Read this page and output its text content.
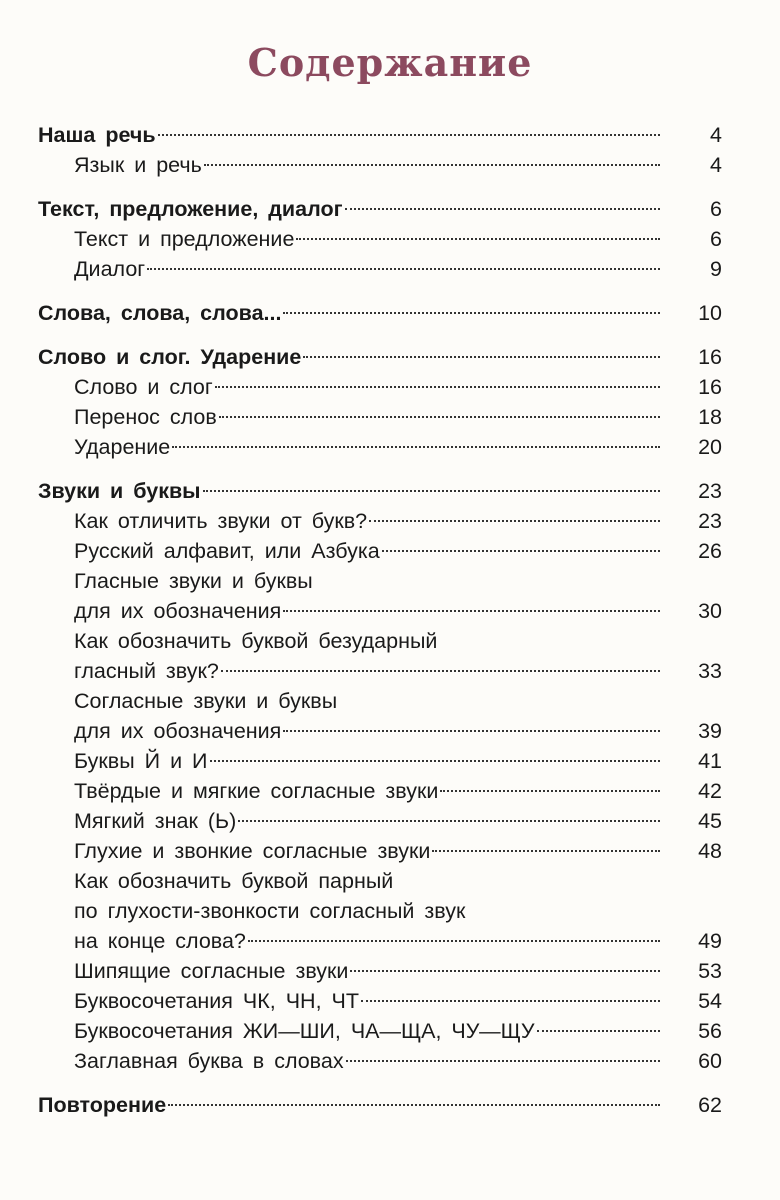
Содержание
Наша речь	4
Язык и речь	4
Текст, предложение, диалог	6
Текст и предложение	6
Диалог	9
Слова, слова, слова...	10
Слово и слог. Ударение	16
Слово и слог	16
Перенос слов	18
Ударение	20
Звуки и буквы	23
Как отличить звуки от букв?	23
Русский алфавит, или Азбука	26
Гласные звуки и буквы
для их обозначения	30
Как обозначить буквой безударный
гласный звук?	33
Согласные звуки и буквы
для их обозначения	39
Буквы Й и И	41
Твёрдые и мягкие согласные звуки	42
Мягкий знак (Ь)	45
Глухие и звонкие согласные звуки	48
Как обозначить буквой парный
по глухости-звонкости согласный звук
на конце слова?	49
Шипящие согласные звуки	53
Буквосочетания ЧК, ЧН, ЧТ	54
Буквосочетания ЖИ—ШИ, ЧА—ЩА, ЧУ—ЩУ	56
Заглавная буква в словах	60
Повторение	62
